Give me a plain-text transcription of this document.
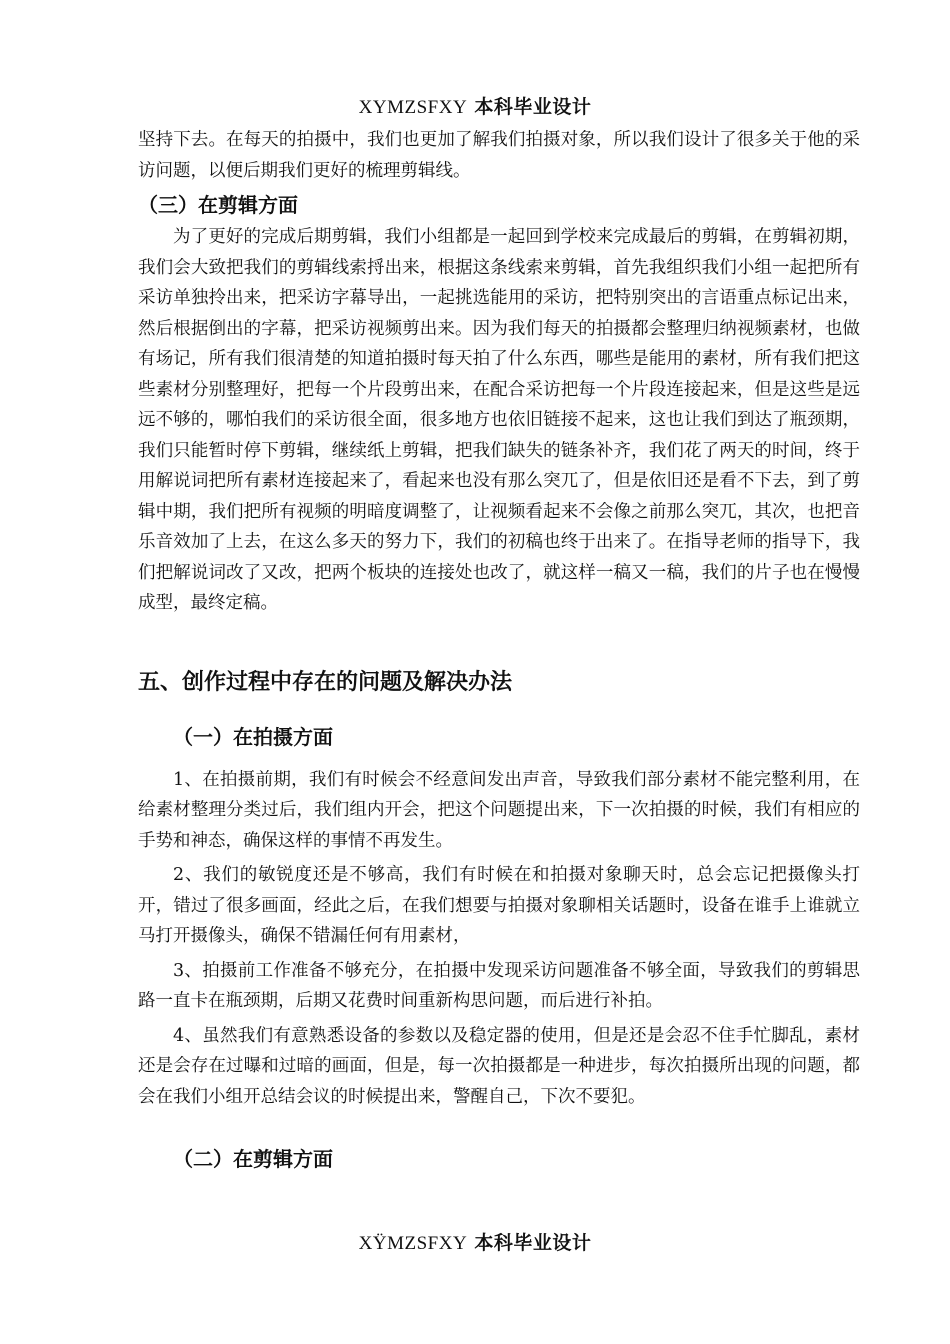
XYMZSFXY 本科毕业设计

坚持下去。在每天的拍摄中，我们也更加了解我们拍摄对象，所以我们设计了很多关于他的采访问题，以便后期我们更好的梳理剪辑线。

（三）在剪辑方面

为了更好的完成后期剪辑，我们小组都是一起回到学校来完成最后的剪辑，在剪辑初期，我们会大致把我们的剪辑线索捋出来，根据这条线索来剪辑，首先我组织我们小组一起把所有采访单独拎出来，把采访字幕导出，一起挑选能用的采访，把特别突出的言语重点标记出来，然后根据倒出的字幕，把采访视频剪出来。因为我们每天的拍摄都会整理归纳视频素材，也做有场记，所有我们很清楚的知道拍摄时每天拍了什么东西，哪些是能用的素材，所有我们把这些素材分别整理好，把每一个片段剪出来，在配合采访把每一个片段连接起来，但是这些是远远不够的，哪怕我们的采访很全面，很多地方也依旧链接不起来，这也让我们到达了瓶颈期，我们只能暂时停下剪辑，继续纸上剪辑，把我们缺失的链条补齐，我们花了两天的时间，终于用解说词把所有素材连接起来了，看起来也没有那么突兀了，但是依旧还是看不下去，到了剪辑中期，我们把所有视频的明暗度调整了，让视频看起来不会像之前那么突兀，其次，也把音乐音效加了上去，在这么多天的努力下，我们的初稿也终于出来了。在指导老师的指导下，我们把解说词改了又改，把两个板块的连接处也改了，就这样一稿又一稿，我们的片子也在慢慢成型，最终定稿。

五、创作过程中存在的问题及解决办法
（一）在拍摄方面

1、在拍摄前期，我们有时候会不经意间发出声音，导致我们部分素材不能完整利用，在给素材整理分类过后，我们组内开会，把这个问题提出来，下一次拍摄的时候，我们有相应的手势和神态，确保这样的事情不再发生。

2、我们的敏锐度还是不够高，我们有时候在和拍摄对象聊天时，总会忘记把摄像头打开，错过了很多画面，经此之后，在我们想要与拍摄对象聊相关话题时，设备在谁手上谁就立马打开摄像头，确保不错漏任何有用素材，

3、拍摄前工作准备不够充分，在拍摄中发现采访问题准备不够全面，导致我们的剪辑思路一直卡在瓶颈期，后期又花费时间重新构思问题，而后进行补拍。

4、虽然我们有意熟悉设备的参数以及稳定器的使用，但是还是会忍不住手忙脚乱，素材还是会存在过曝和过暗的画面，但是，每一次拍摄都是一种进步，每次拍摄所出现的问题，都会在我们小组开总结会议的时候提出来，警醒自己，下次不要犯。

（二）在剪辑方面
XŸMZSFXY 本科毕业设计
